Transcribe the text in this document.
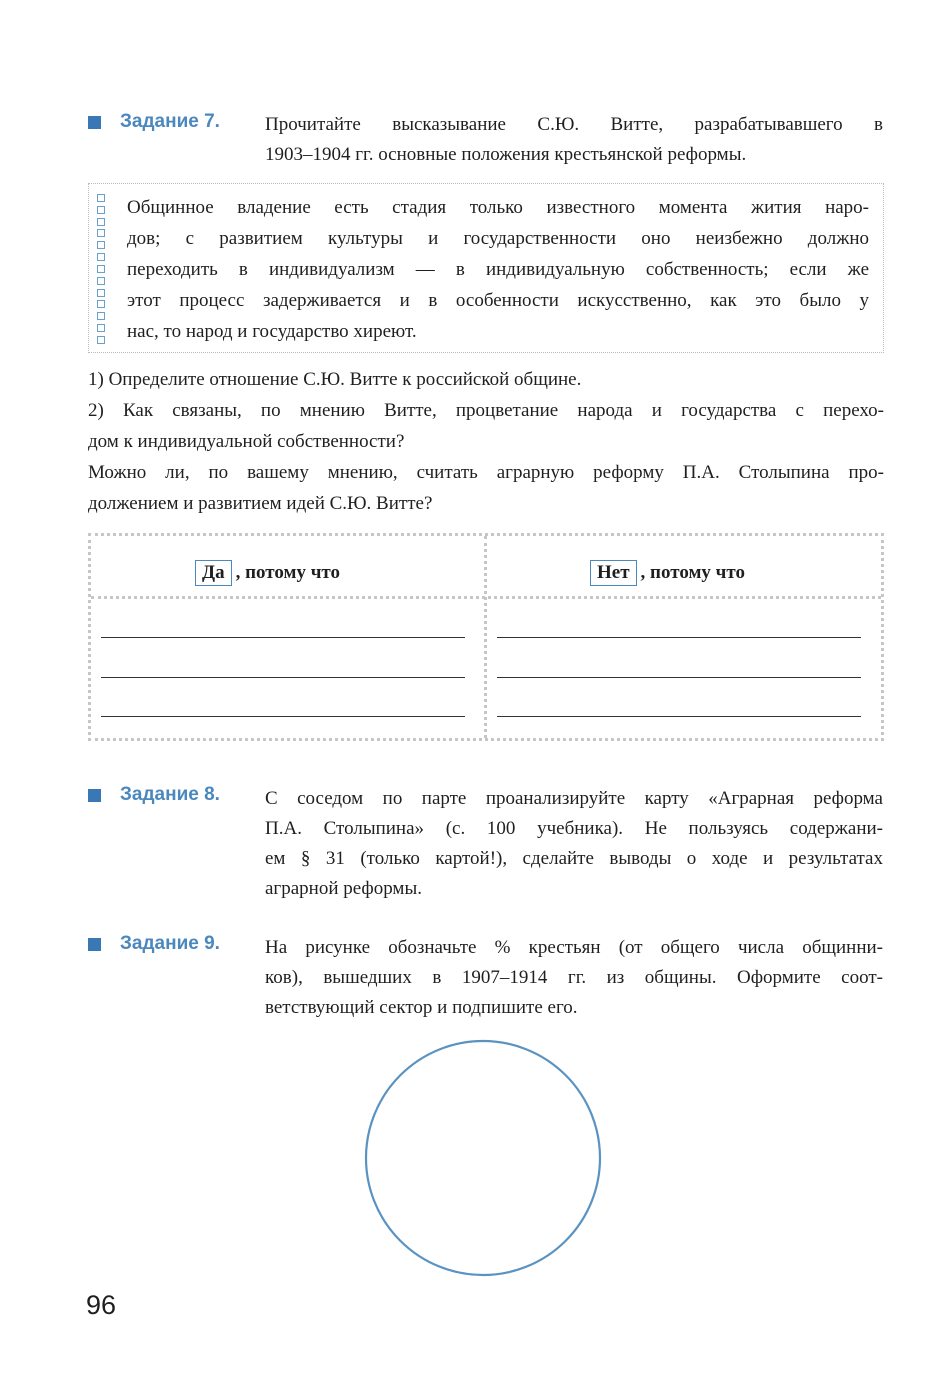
Задание 7. Прочитайте высказывание С.Ю. Витте, разрабатывавшего в
1903–1904 гг. основные положения крестьянской реформы.

Общинное владение есть стадия только известного момента жития наро-

дов; с развитием культуры и государственности оно неизбежно должно

переходить в индивидуализм — в индивидуальную собственность; если же

этот процесс задерживается и в особенности искусственно, как это было у

нас, то народ и государство хиреют.

1) Определите отношение С.Ю. Витте к российской общине.

2) Как связаны, по мнению Витте, процветание народа и государства с перехо-

дом к индивидуальной собственности?

Можно ли, по вашему мнению, считать аграрную реформу П.А. Столыпина про-

должением и развитием идей С.Ю. Витте?

Да , потому что	Нет , потому что
Задание 8. С соседом по парте проанализируйте карту «Аграрная реформа
П.А. Столыпина» (с. 100 учебника). Не пользуясь содержани-
ем § 31 (только картой!), сделайте выводы о ходе и результатах
аграрной реформы.
Задание 9. На рисунке обозначьте % крестьян (от общего числа общинни-
ков), вышедших в 1907–1914 гг. из общины. Оформите соот-
ветствующий сектор и подпишите его.
96
